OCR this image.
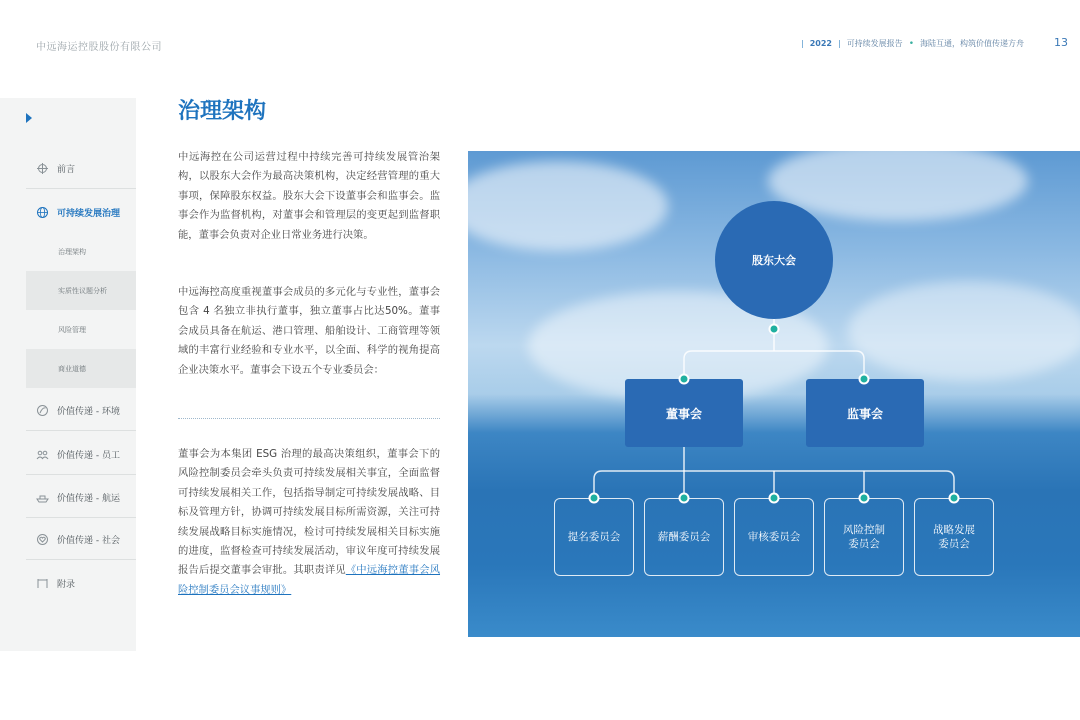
中远海运控股股份有限公司	| 2022 | 可持续发展报告 • 海陆互通，构筑价值传递方舟	13
前言
可持续发展治理
治理架构
实质性议题分析
风险管理
商业道德
价值传递 - 环境
价值传递 - 员工
价值传递 - 航运
价值传递 - 社会
附录
治理架构
中远海控在公司运营过程中持续完善可持续发展管治架构，以股东大会作为最高决策机构，决定经营管理的重大事项，保障股东权益。股东大会下设董事会和监事会。监事会作为监督机构，对董事会和管理层的变更起到监督职能，董事会负责对企业日常业务进行决策。
中远海控高度重视董事会成员的多元化与专业性，董事会包含 4 名独立非执行董事，独立董事占比达50%。董事会成员具备在航运、港口管理、船舶设计、工商管理等领域的丰富行业经验和专业水平，以全面、科学的视角提高企业决策水平。董事会下设五个专业委员会：
董事会为本集团 ESG 治理的最高决策组织，董事会下的风险控制委员会牵头负责可持续发展相关事宜，全面监督可持续发展相关工作，包括指导制定可持续发展战略、目标及管理方针，协调可持续发展目标所需资源，关注可持续发展战略目标实施情况，检讨可持续发展相关目标实施的进度，监督检查可持续发展活动，审议年度可持续发展报告后提交董事会审批。其职责详见《中远海控董事会风险控制委员会议事规则》
股东大会
董事会	监事会
提名委员会	薪酬委员会	审核委员会
风险控制
委员会
战略发展
委员会
